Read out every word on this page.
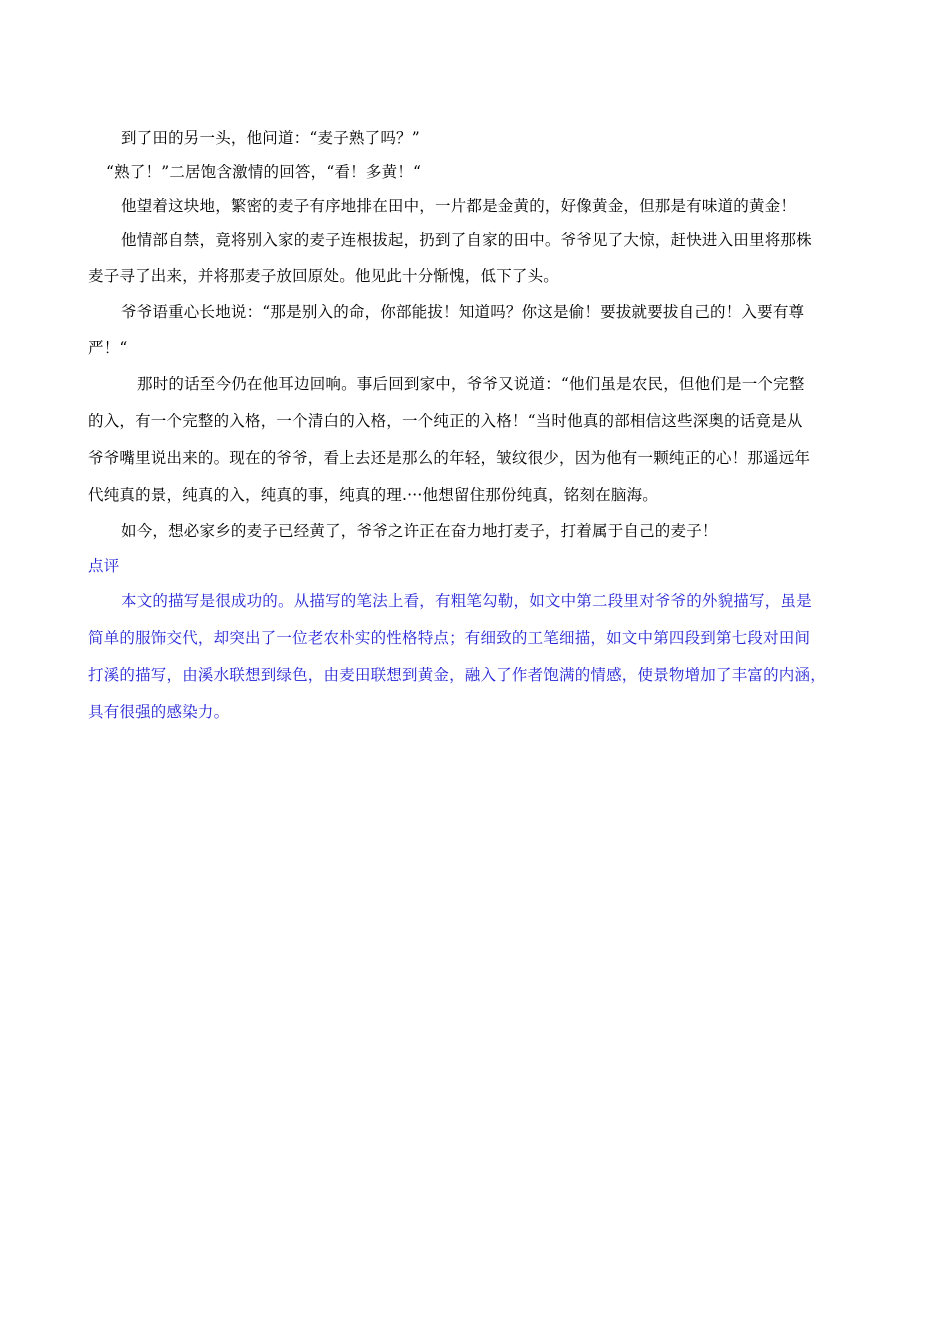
到了田的另一头，他问道：“麦子熟了吗？”
“熟了！”二居饱含激情的回答，“看！多黄！“
他望着这块地，繁密的麦子有序地排在田中，一片都是金黄的，好像黄金，但那是有味道的黄金！
他情部自禁，竟将别入家的麦子连根拔起，扔到了自家的田中。爷爷见了大惊，赶快进入田里将那株
麦子寻了出来，并将那麦子放回原处。他见此十分惭愧，低下了头。
爷爷语重心长地说：“那是别入的命，你部能拔！知道吗？你这是偷！要拔就要拔自己的！入要有尊
严！“
那时的话至今仍在他耳边回响。事后回到家中，爷爷又说道：“他们虽是农民，但他们是一个完整
的入，有一个完整的入格，一个清白的入格，一个纯正的入格！“当时他真的部相信这些深奥的话竟是从
爷爷嘴里说出来的。现在的爷爷，看上去还是那么的年轻，皱纹很少，因为他有一颗纯正的心！那遥远年
代纯真的景，纯真的入，纯真的事，纯真的理.···他想留住那份纯真，铭刻在脑海。
如今，想必家乡的麦子已经黄了，爷爷之许正在奋力地打麦子，打着属于自己的麦子！
点评
本文的描写是很成功的。从描写的笔法上看，有粗笔勾勒，如文中第二段里对爷爷的外貌描写，虽是
简单的服饰交代，却突出了一位老农朴实的性格特点；有细致的工笔细描，如文中第四段到第七段对田间
打溪的描写，由溪水联想到绿色，由麦田联想到黄金，融入了作者饱满的情感，使景物增加了丰富的内涵，
具有很强的感染力。
